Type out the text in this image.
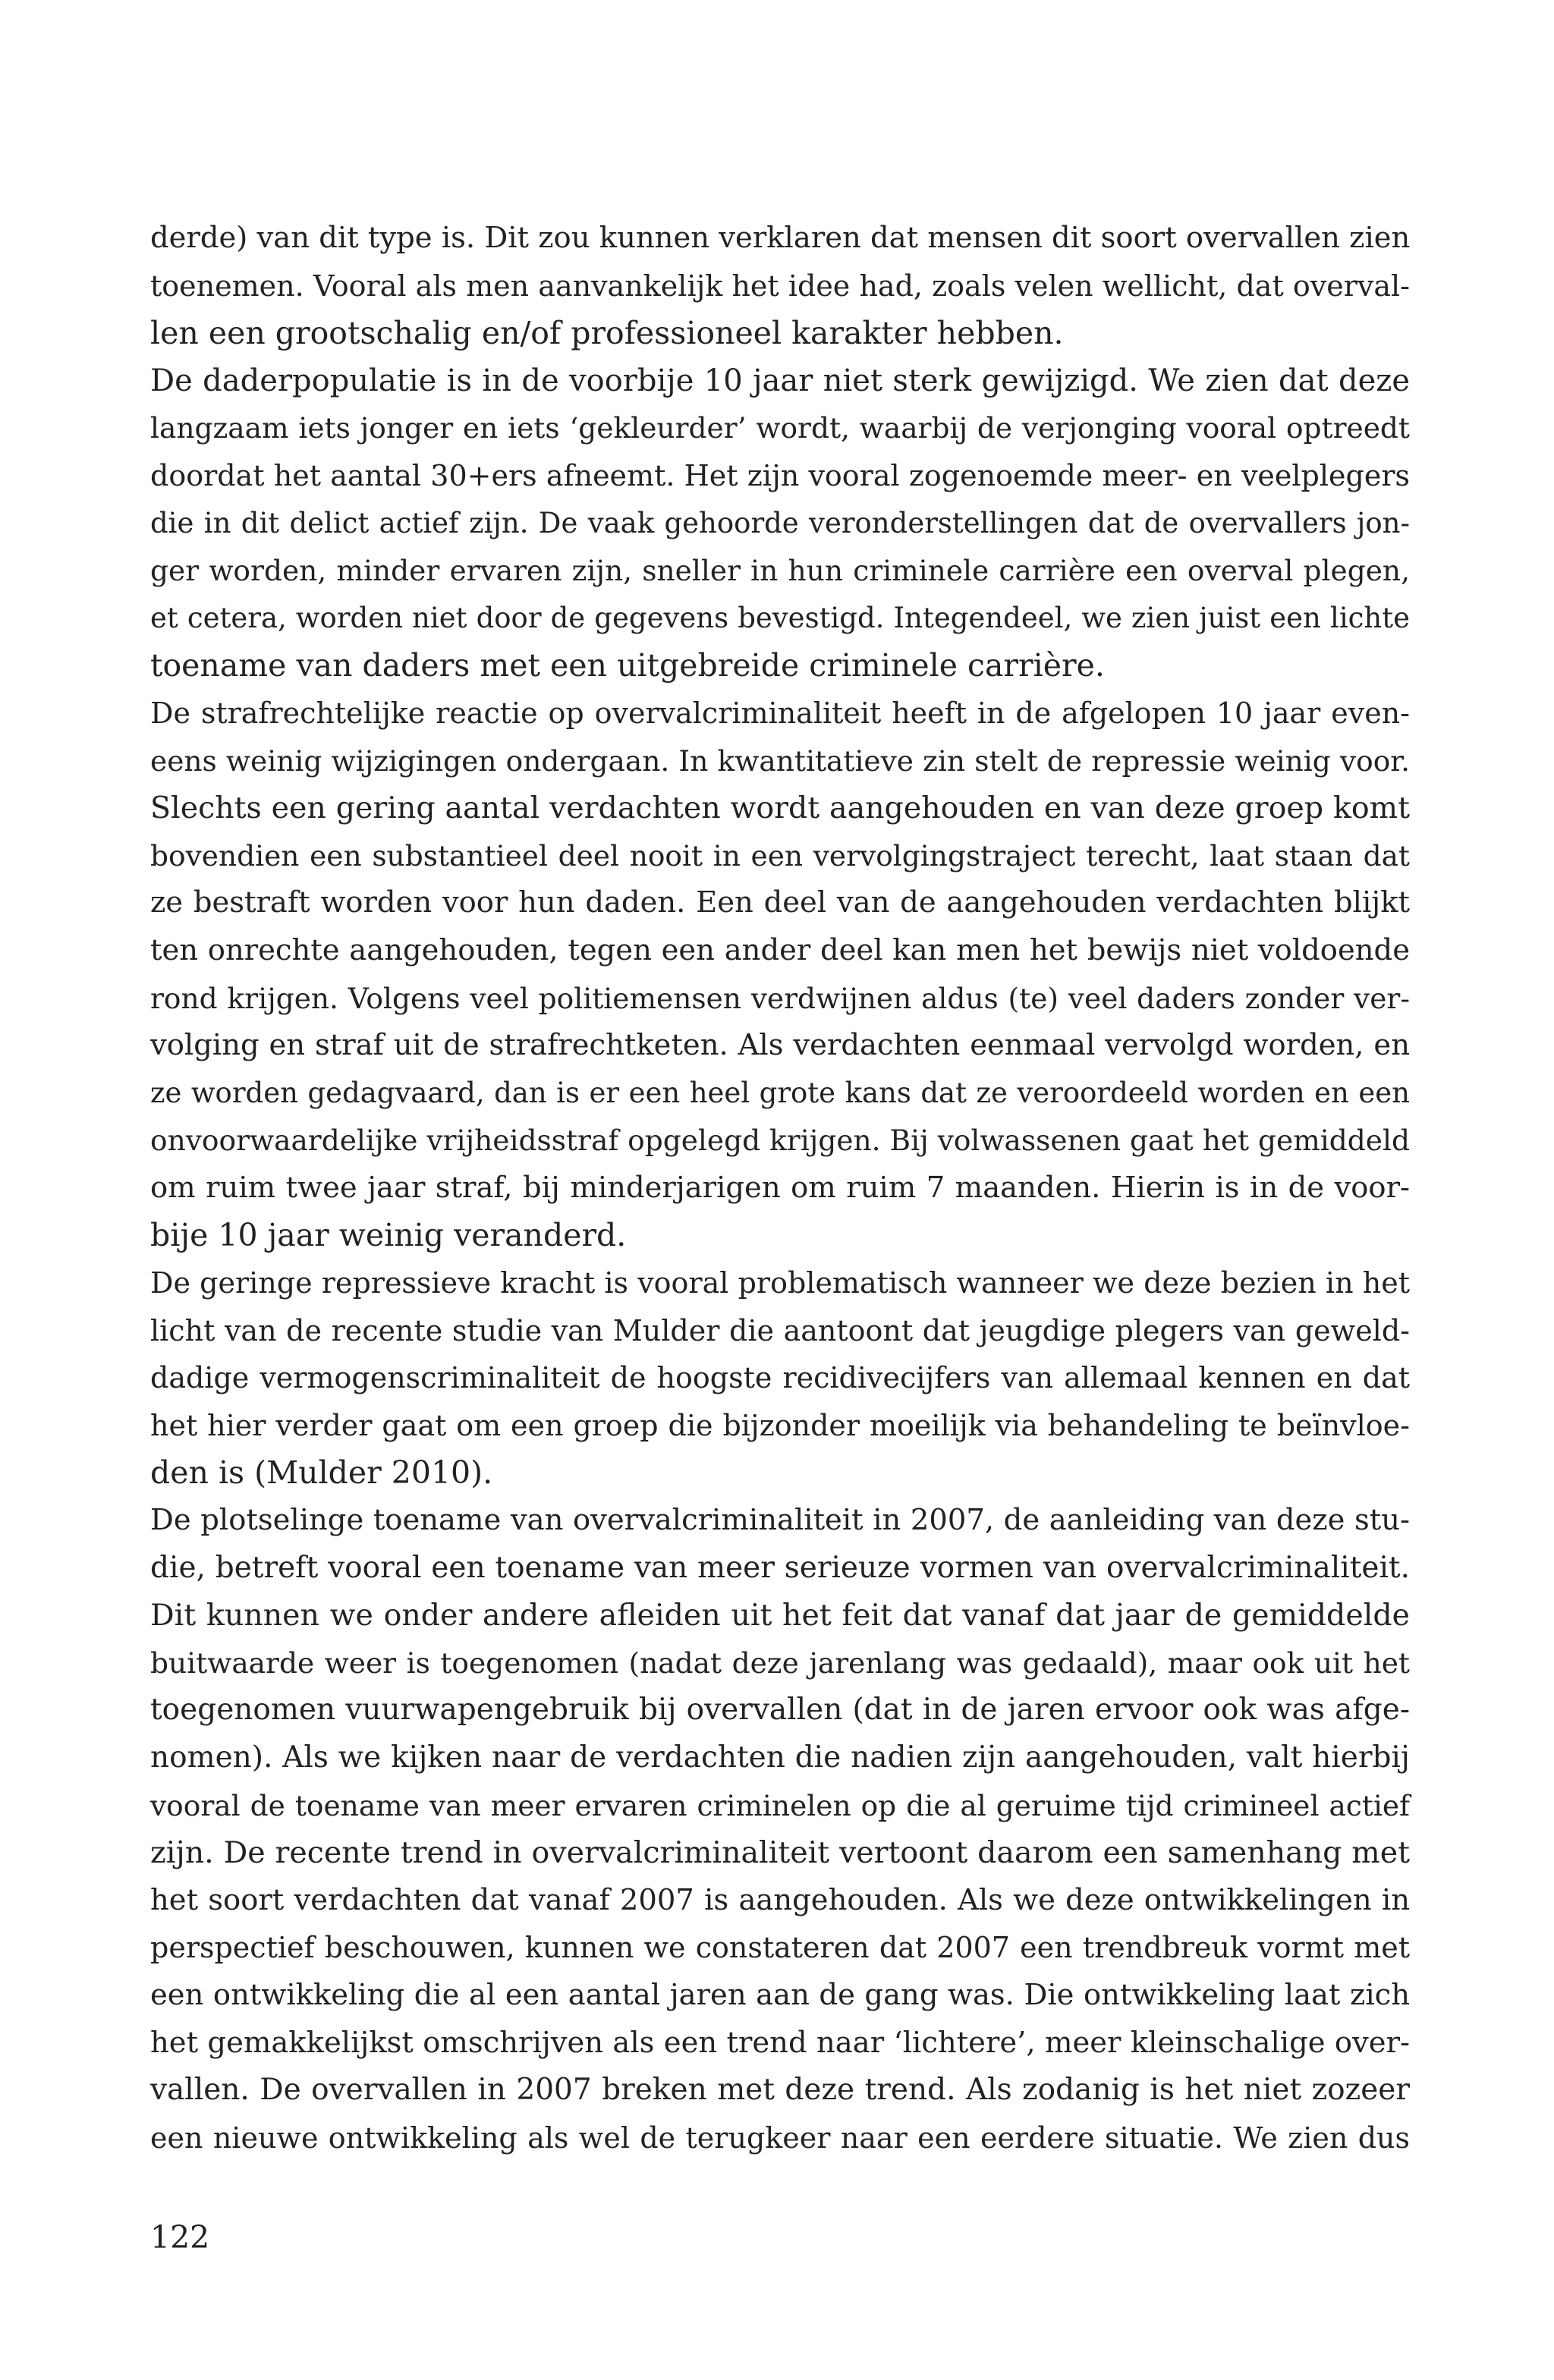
derde) van dit type is. Dit zou kunnen verklaren dat mensen dit soort overvallen zien
toenemen. Vooral als men aanvankelijk het idee had, zoals velen wellicht, dat overval-
len een grootschalig en/of professioneel karakter hebben.
De daderpopulatie is in de voorbije 10 jaar niet sterk gewijzigd. We zien dat deze
langzaam iets jonger en iets ‘gekleurder’ wordt, waarbij de verjonging vooral optreedt
doordat het aantal 30+ers afneemt. Het zijn vooral zogenoemde meer- en veelplegers
die in dit delict actief zijn. De vaak gehoorde veronderstellingen dat de overvallers jon-
ger worden, minder ervaren zijn, sneller in hun criminele carrière een overval plegen,
et cetera, worden niet door de gegevens bevestigd. Integendeel, we zien juist een lichte
toename van daders met een uitgebreide criminele carrière.
De strafrechtelijke reactie op overvalcriminaliteit heeft in de afgelopen 10 jaar even-
eens weinig wijzigingen ondergaan. In kwantitatieve zin stelt de repressie weinig voor.
Slechts een gering aantal verdachten wordt aangehouden en van deze groep komt
bovendien een substantieel deel nooit in een vervolgingstraject terecht, laat staan dat
ze bestraft worden voor hun daden. Een deel van de aangehouden verdachten blijkt
ten onrechte aangehouden, tegen een ander deel kan men het bewijs niet voldoende
rond krijgen. Volgens veel politiemensen verdwijnen aldus (te) veel daders zonder ver-
volging en straf uit de strafrechtketen. Als verdachten eenmaal vervolgd worden, en
ze worden gedagvaard, dan is er een heel grote kans dat ze veroordeeld worden en een
onvoorwaardelijke vrijheidsstraf opgelegd krijgen. Bij volwassenen gaat het gemiddeld
om ruim twee jaar straf, bij minderjarigen om ruim 7 maanden. Hierin is in de voor-
bije 10 jaar weinig veranderd.
De geringe repressieve kracht is vooral problematisch wanneer we deze bezien in het
licht van de recente studie van Mulder die aantoont dat jeugdige plegers van geweld-
dadige vermogenscriminaliteit de hoogste recidivecijfers van allemaal kennen en dat
het hier verder gaat om een groep die bijzonder moeilijk via behandeling te beïnvloe-
den is (Mulder 2010).
De plotselinge toename van overvalcriminaliteit in 2007, de aanleiding van deze stu-
die, betreft vooral een toename van meer serieuze vormen van overvalcriminaliteit.
Dit kunnen we onder andere afleiden uit het feit dat vanaf dat jaar de gemiddelde
buitwaarde weer is toegenomen (nadat deze jarenlang was gedaald), maar ook uit het
toegenomen vuurwapengebruik bij overvallen (dat in de jaren ervoor ook was afge-
nomen). Als we kijken naar de verdachten die nadien zijn aangehouden, valt hierbij
vooral de toename van meer ervaren criminelen op die al geruime tijd crimineel actief
zijn. De recente trend in overvalcriminaliteit vertoont daarom een samenhang met
het soort verdachten dat vanaf 2007 is aangehouden. Als we deze ontwikkelingen in
perspectief beschouwen, kunnen we constateren dat 2007 een trendbreuk vormt met
een ontwikkeling die al een aantal jaren aan de gang was. Die ontwikkeling laat zich
het gemakkelijkst omschrijven als een trend naar ‘lichtere’, meer kleinschalige over-
vallen. De overvallen in 2007 breken met deze trend. Als zodanig is het niet zozeer
een nieuwe ontwikkeling als wel de terugkeer naar een eerdere situatie. We zien dus
122
